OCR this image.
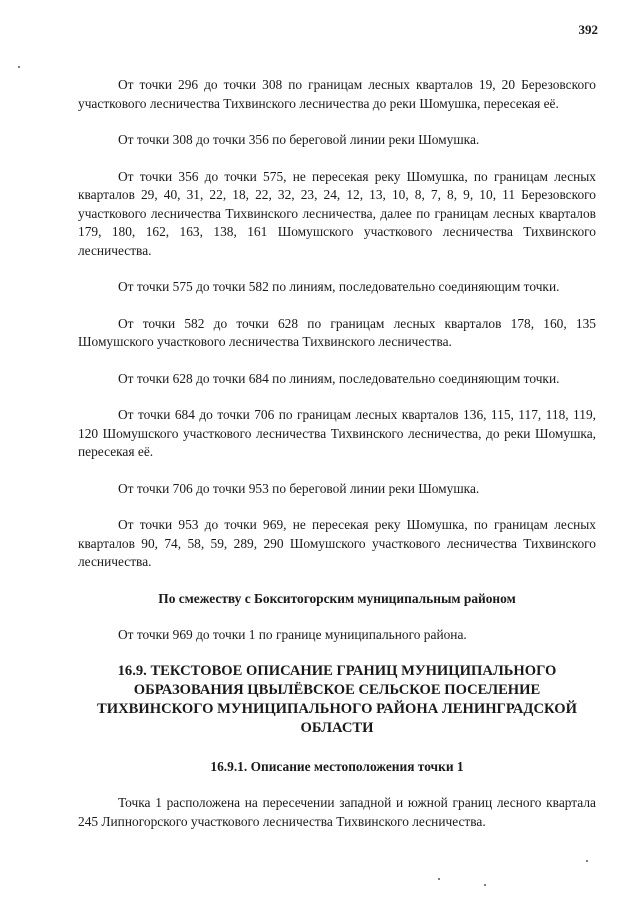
392

От точки 296 до точки 308 по границам лесных кварталов 19, 20 Березовского участкового лесничества Тихвинского лесничества до реки Шомушка, пересекая её.

От точки 308 до точки 356 по береговой линии реки Шомушка.

От точки 356 до точки 575, не пересекая реку Шомушка, по границам лесных кварталов 29, 40, 31, 22, 18, 22, 32, 23, 24, 12, 13, 10, 8, 7, 8, 9, 10, 11 Березовского участкового лесничества Тихвинского лесничества, далее по границам лесных кварталов 179, 180, 162, 163, 138, 161 Шомушского участкового лесничества Тихвинского лесничества.

От точки 575 до точки 582 по линиям, последовательно соединяющим точки.

От точки 582 до точки 628 по границам лесных кварталов 178, 160, 135 Шомушского участкового лесничества Тихвинского лесничества.

От точки 628 до точки 684 по линиям, последовательно соединяющим точки.

От точки 684 до точки 706 по границам лесных кварталов 136, 115, 117, 118, 119, 120 Шомушского участкового лесничества Тихвинского лесничества, до реки Шомушка, пересекая её.

От точки 706 до точки 953 по береговой линии реки Шомушка.

От точки 953 до точки 969, не пересекая реку Шомушка, по границам лесных кварталов 90, 74, 58, 59, 289, 290 Шомушского участкового лесничества Тихвинского лесничества.

По смежеству с Бокситогорским муниципальным районом

От точки 969 до точки 1 по границе муниципального района.

16.9. ТЕКСТОВОЕ ОПИСАНИЕ ГРАНИЦ МУНИЦИПАЛЬНОГО ОБРАЗОВАНИЯ ЦВЫЛЁВСКОЕ СЕЛЬСКОЕ ПОСЕЛЕНИЕ ТИХВИНСКОГО МУНИЦИПАЛЬНОГО РАЙОНА ЛЕНИНГРАДСКОЙ ОБЛАСТИ
16.9.1. Описание местоположения точки 1

Точка 1 расположена на пересечении западной и южной границ лесного квартала 245 Липногорского участкового лесничества Тихвинского лесничества.
